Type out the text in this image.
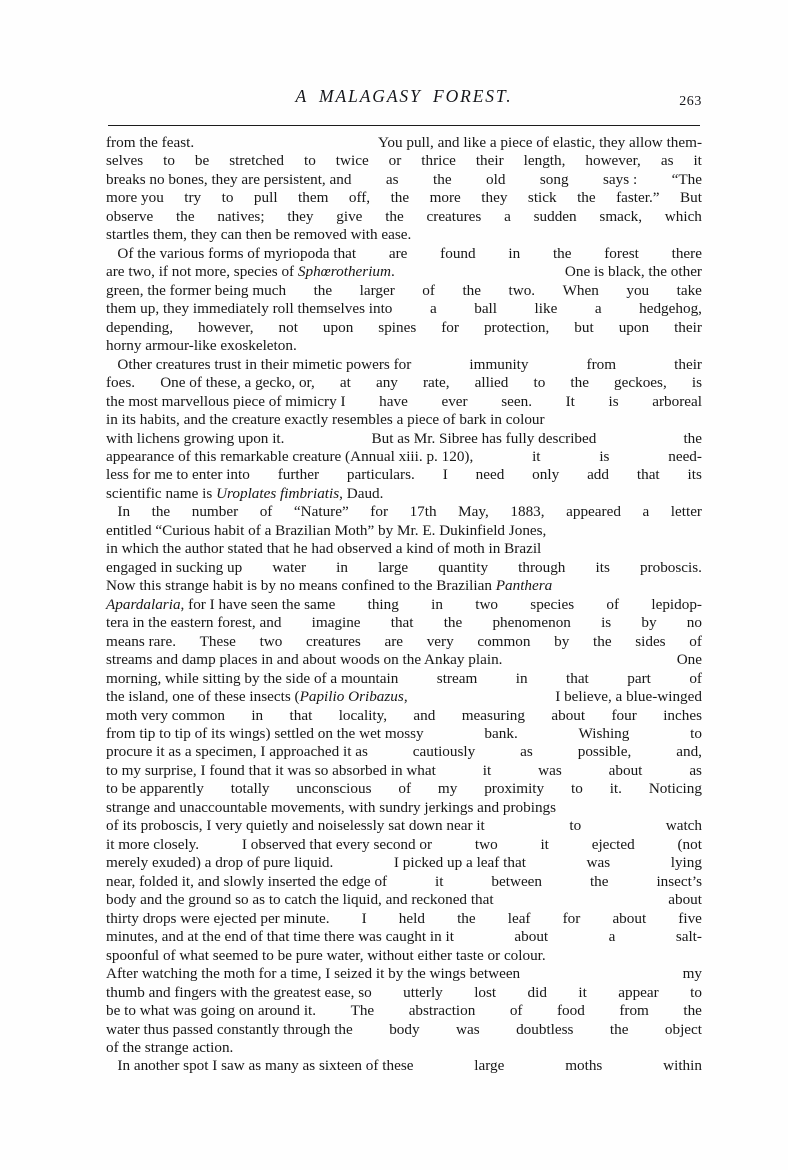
A MALAGASY FOREST.	263

from the feast.	You pull, and like a piece of elastic, they allow them-
selves to be stretched to twice or thrice their length, however, as it
breaks no bones, they are persistent, and as the old song says : “The
more you try to pull them off, the more they stick the faster.” But
observe the natives; they give the creatures a sudden smack, which
startles them, they can then be removed with ease.

Of the various forms of myriopoda that are found in the forest there
are two, if not more, species of Sphœrotherium.	One is black, the other
green, the former being much the larger of the two. When you take
them up, they immediately roll themselves into a ball like a hedgehog,
depending, however, not upon spines for protection, but upon their
horny armour-like exoskeleton.

Other creatures trust in their mimetic powers for	immunity	from	their
foes. One of these, a gecko, or, at any rate, allied to the geckoes, is
the most marvellous piece of mimicry I have ever seen. It is arboreal
in its habits, and the creature exactly resembles a piece of bark in colour
with lichens growing upon it.	But as Mr. Sibree has fully described	the
appearance of this remarkable creature (Annual xiii. p. 120),	it	is	need-
less for me to enter into further particulars. I need only add that its
scientific name is Uroplates fimbriatis, Daud.

In the number of “Nature” for 17th May, 1883, appeared a letter
entitled “Curious habit of a Brazilian Moth” by Mr. E. Dukinfield Jones,
in which the author stated that he had observed a kind of moth in Brazil
engaged in sucking up water in large quantity through its proboscis.
Now this strange habit is by no means confined to the Brazilian Panthera
Apardalaria, for I have seen the same thing in two species of lepidop-
tera in the eastern forest, and imagine that the phenomenon is by no
means rare. These two creatures are very common by the sides of
streams and damp places in and about woods on the Ankay plain.	One
morning, while sitting by the side of a mountain	stream	in	that	part	of
the island, one of these insects (Papilio Oribazus,	I believe, a blue-winged
moth very common in that locality, and measuring about four inches
from tip to tip of its wings) settled on the wet mossy	bank.	Wishing	to
procure it as a specimen, I approached it as	cautiously	as	possible,	and,
to my surprise, I found that it was so absorbed in what	it	was	about	as
to be apparently totally unconscious of my proximity to it. Noticing
strange and unaccountable movements, with sundry jerkings and probings
of its proboscis, I very quietly and noiselessly sat down near it	to	watch
it more closely.	I observed that every second or	two	it	ejected	(not
merely exuded) a drop of pure liquid.	I picked up a leaf that	was	lying
near, folded it, and slowly inserted the edge of	it	between	the	insect’s
body and the ground so as to catch the liquid, and reckoned that	about
thirty drops were ejected per minute. I held the leaf for about five
minutes, and at the end of that time there was caught in it	about	a	salt-
spoonful of what seemed to be pure water, without either taste or colour.
After watching the moth for a time, I seized it by the wings between	my
thumb and fingers with the greatest ease, so utterly lost did it appear to
be to what was going on around it. The abstraction of food from the
water thus passed constantly through the body was doubtless the object
of the strange action.

In another spot I saw as many as sixteen of these	large	moths	within
